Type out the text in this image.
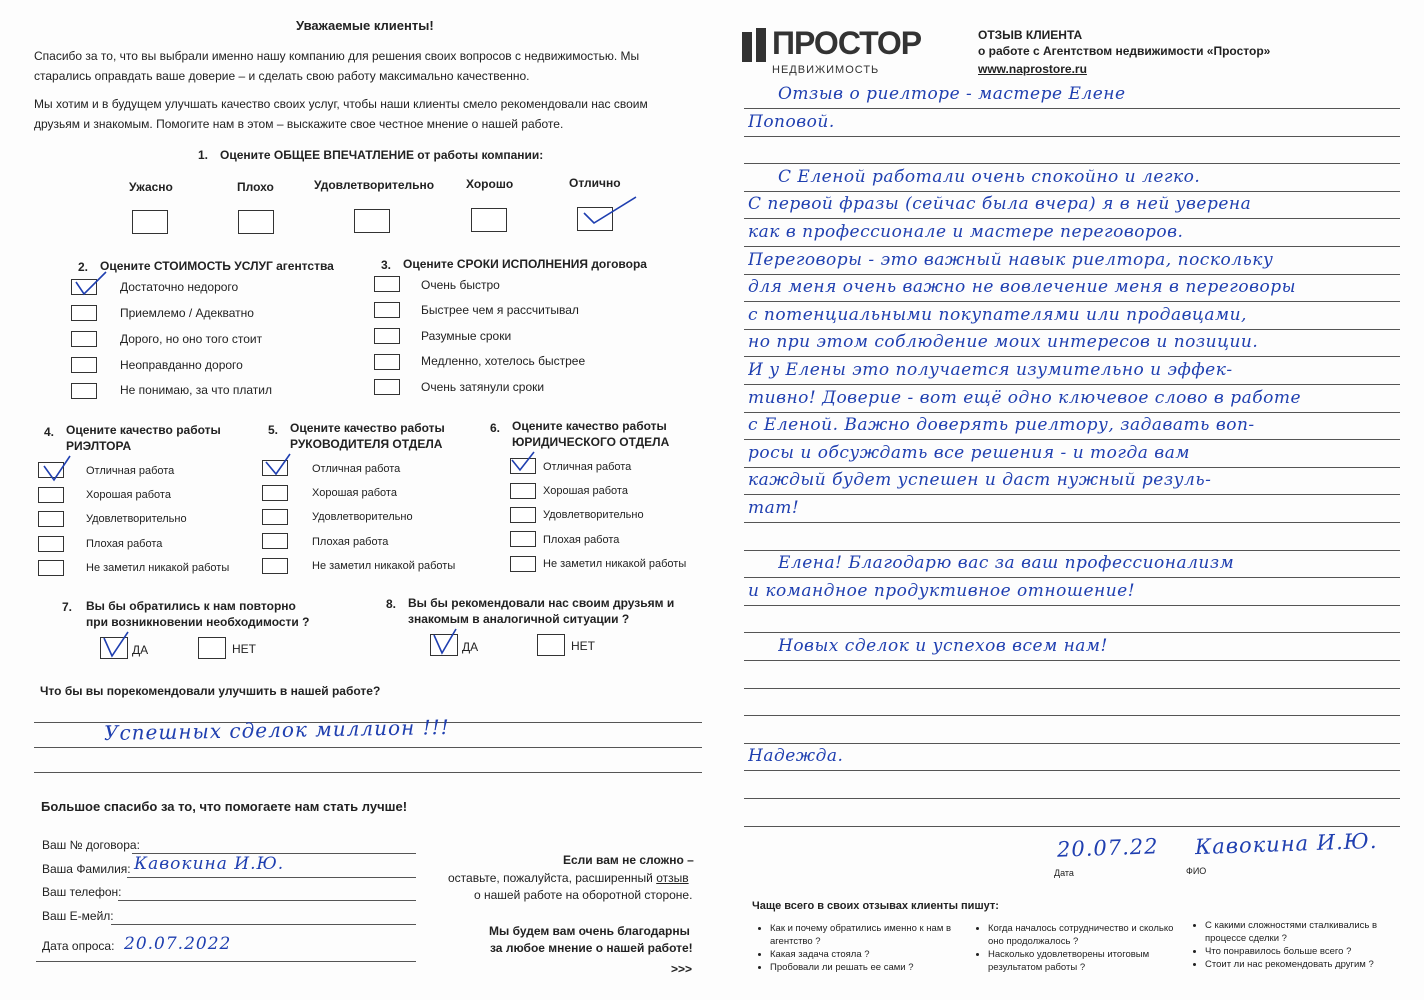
Уважаемые клиенты!
Спасибо за то, что вы выбрали именно нашу компанию для решения своих вопросов с недвижимостью. Мы старались оправдать ваше доверие – и сделать свою работу максимально качественно.
Мы хотим и в будущем улучшать качество своих услуг, чтобы наши клиенты смело рекомендовали нас своим друзьям и знакомым. Помогите нам в этом – выскажите свое честное мнение о нашей работе.
1. Оцените ОБЩЕЕ ВПЕЧАТЛЕНИЕ от работы компании:
Ужасно	Плохо	Удовлетворительно	Хорошо	Отлично
2. Оцените СТОИМОСТЬ УСЛУГ агентства
Достаточно недорого
Приемлемо / Адекватно
Дорого, но оно того стоит
Неоправданно дорого
Не понимаю, за что платил
3. Оцените СРОКИ ИСПОЛНЕНИЯ договора
Очень быстро
Быстрее чем я рассчитывал
Разумные сроки
Медленно, хотелось быстрее
Очень затянули сроки
4. Оцените качество работы
РИЭЛТОРА
Отличная работа
Хорошая работа
Удовлетворительно
Плохая работа
Не заметил никакой работы
5. Оцените качество работы
РУКОВОДИТЕЛЯ ОТДЕЛА
Отличная работа
Хорошая работа
Удовлетворительно
Плохая работа
Не заметил никакой работы
6. Оцените качество работы
ЮРИДИЧЕСКОГО ОТДЕЛА
Отличная работа
Хорошая работа
Удовлетворительно
Плохая работа
Не заметил никакой работы
7. Вы бы обратились к нам повторно
при возникновении необходимости ?
ДА	НЕТ
8. Вы бы рекомендовали нас своим друзьям и
знакомым в аналогичной ситуации ?
ДА	НЕТ
Что бы вы порекомендовали улучшить в нашей работе?
Успешных сделок миллион !!!
Большое спасибо за то, что помогаете нам стать лучше!
Ваш № договора:
Ваша Фамилия: Кавокина И.Ю.
Ваш телефон:
Ваш Е-мейл:
Дата опроса: 20.07.2022
Если вам не сложно –
оставьте, пожалуйста, расширенный отзыв
о нашей работе на оборотной стороне.
Мы будем вам очень благодарны
за любое мнение о нашей работе!
>>>
ПРОСТОР
НЕДВИЖИМОСТЬ
ОТЗЫВ КЛИЕНТА
о работе с Агентством недвижимости «Простор»
www.naprostore.ru
Отзыв о риелторе - мастере Елене
Поповой.
С Еленой работали очень спокойно и легко.
С первой фразы (сейчас была вчера) я в ней уверена
как в профессионале и мастере переговоров.
Переговоры - это важный навык риелтора, поскольку
для меня очень важно не вовлечение меня в переговоры
с потенциальными покупателями или продавцами,
но при этом соблюдение моих интересов и позиции.
И у Елены это получается изумительно и эффек-
тивно! Доверие - вот ещё одно ключевое слово в работе
с Еленой. Важно доверять риелтору, задавать воп-
росы и обсуждать все решения - и тогда вам
каждый будет успешен и даст нужный резуль-
тат!
Елена! Благодарю вас за ваш профессионализм
и командное продуктивное отношение!
Новых сделок и успехов всем нам!
Надежда.
20.07.22 Кавокина И.Ю.
Дата	ФИО
Чаще всего в своих отзывах клиенты пишут:
• Как и почему обратились именно к нам в агентство ?
• Какая задача стояла ?
• Пробовали ли решать ее сами ?
• Когда началось сотрудничество и сколько оно продолжалось ?
• Насколько удовлетворены итоговым результатом работы ?
• С какими сложностями сталкивались в процессе сделки ?
• Что понравилось больше всего ?
• Стоит ли нас рекомендовать другим ?
